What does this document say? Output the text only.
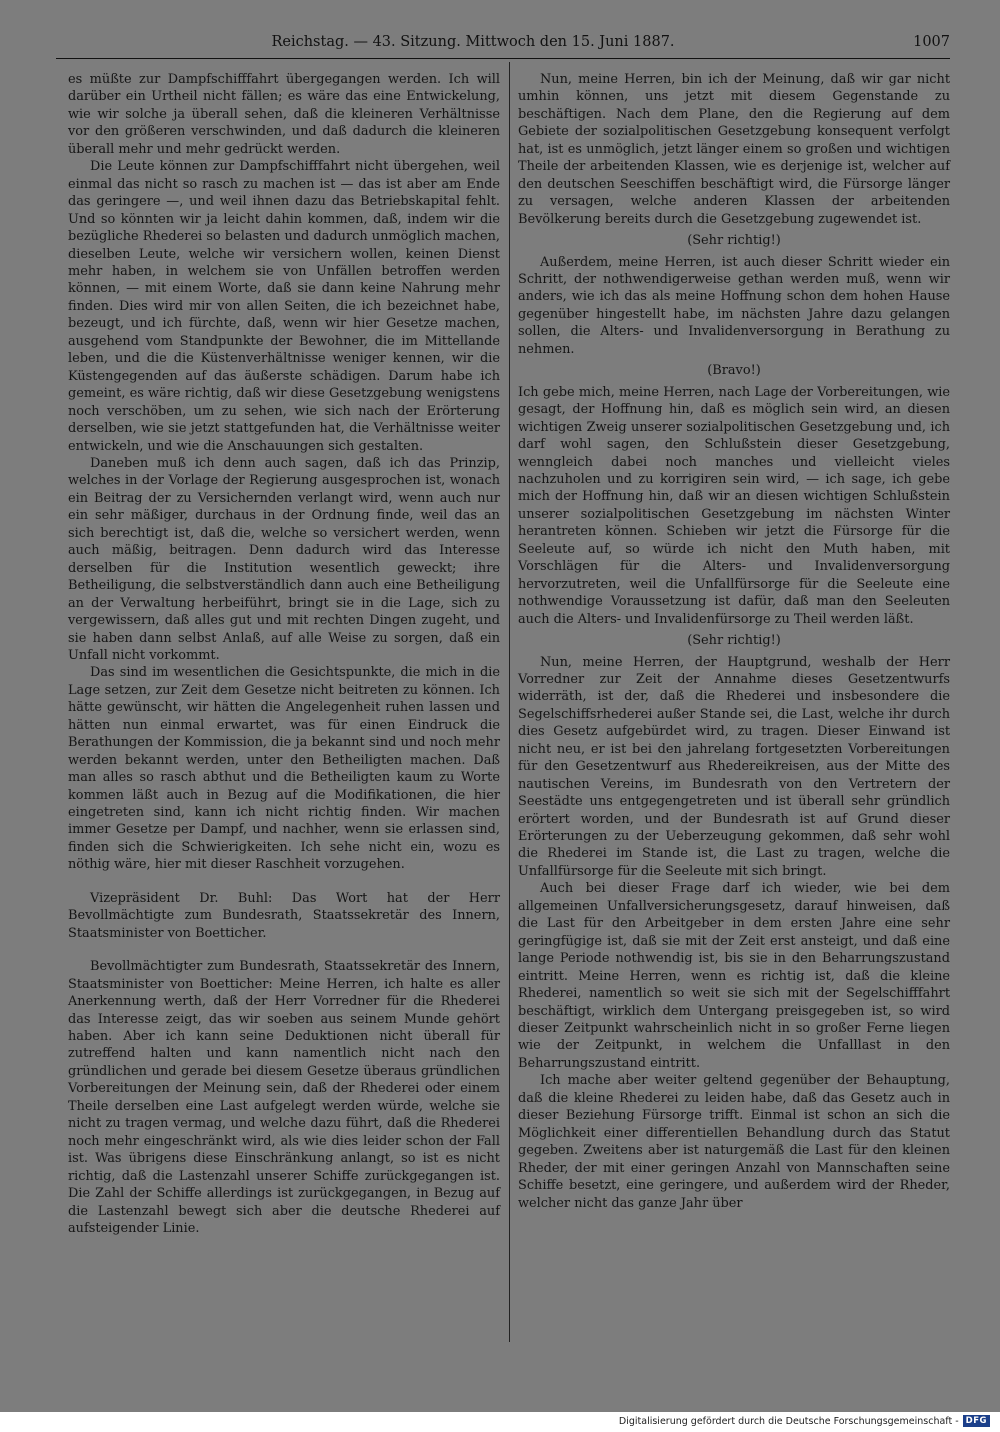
Reichstag. — 43. Sitzung. Mittwoch den 15. Juni 1887.	1007

es müßte zur Dampfschifffahrt übergegangen werden. Ich will darüber ein Urtheil nicht fällen; es wäre das eine Entwickelung, wie wir solche ja überall sehen, daß die kleineren Verhältnisse vor den größeren verschwinden, und daß dadurch die kleineren überall mehr und mehr gedrückt werden.

Die Leute können zur Dampfschifffahrt nicht übergehen, weil einmal das nicht so rasch zu machen ist — das ist aber am Ende das geringere —, und weil ihnen dazu das Betriebskapital fehlt. Und so könnten wir ja leicht dahin kommen, daß, indem wir die bezügliche Rhederei so belasten und dadurch unmöglich machen, dieselben Leute, welche wir versichern wollen, keinen Dienst mehr haben, in welchem sie von Unfällen betroffen werden können, — mit einem Worte, daß sie dann keine Nahrung mehr finden. Dies wird mir von allen Seiten, die ich bezeichnet habe, bezeugt, und ich fürchte, daß, wenn wir hier Gesetze machen, ausgehend vom Standpunkte der Bewohner, die im Mittellande leben, und die die Küstenverhältnisse weniger kennen, wir die Küstengegenden auf das äußerste schädigen. Darum habe ich gemeint, es wäre richtig, daß wir diese Gesetzgebung wenigstens noch verschöben, um zu sehen, wie sich nach der Erörterung derselben, wie sie jetzt stattgefunden hat, die Verhältnisse weiter entwickeln, und wie die Anschauungen sich gestalten.

Daneben muß ich denn auch sagen, daß ich das Prinzip, welches in der Vorlage der Regierung ausgesprochen ist, wonach ein Beitrag der zu Versichernden verlangt wird, wenn auch nur ein sehr mäßiger, durchaus in der Ordnung finde, weil das an sich berechtigt ist, daß die, welche so versichert werden, wenn auch mäßig, beitragen. Denn dadurch wird das Interesse derselben für die Institution wesentlich geweckt; ihre Betheiligung, die selbstverständlich dann auch eine Betheiligung an der Verwaltung herbeiführt, bringt sie in die Lage, sich zu vergewissern, daß alles gut und mit rechten Dingen zugeht, und sie haben dann selbst Anlaß, auf alle Weise zu sorgen, daß ein Unfall nicht vorkommt.

Das sind im wesentlichen die Gesichtspunkte, die mich in die Lage setzen, zur Zeit dem Gesetze nicht beitreten zu können. Ich hätte gewünscht, wir hätten die Angelegenheit ruhen lassen und hätten nun einmal erwartet, was für einen Eindruck die Berathungen der Kommission, die ja bekannt sind und noch mehr werden bekannt werden, unter den Betheiligten machen. Daß man alles so rasch abthut und die Betheiligten kaum zu Worte kommen läßt auch in Bezug auf die Modifikationen, die hier eingetreten sind, kann ich nicht richtig finden. Wir machen immer Gesetze per Dampf, und nachher, wenn sie erlassen sind, finden sich die Schwierigkeiten. Ich sehe nicht ein, wozu es nöthig wäre, hier mit dieser Raschheit vorzugehen.

Vizepräsident Dr. Buhl: Das Wort hat der Herr Bevollmächtigte zum Bundesrath, Staatssekretär des Innern, Staatsminister von Boetticher.

Bevollmächtigter zum Bundesrath, Staatssekretär des Innern, Staatsminister von Boetticher: Meine Herren, ich halte es aller Anerkennung werth, daß der Herr Vorredner für die Rhederei das Interesse zeigt, das wir soeben aus seinem Munde gehört haben. Aber ich kann seine Deduktionen nicht überall für zutreffend halten und kann namentlich nicht nach den gründlichen und gerade bei diesem Gesetze überaus gründlichen Vorbereitungen der Meinung sein, daß der Rhederei oder einem Theile derselben eine Last aufgelegt werden würde, welche sie nicht zu tragen vermag, und welche dazu führt, daß die Rhederei noch mehr eingeschränkt wird, als wie dies leider schon der Fall ist. Was übrigens diese Einschränkung anlangt, so ist es nicht richtig, daß die Lastenzahl unserer Schiffe zurückgegangen ist. Die Zahl der Schiffe allerdings ist zurückgegangen, in Bezug auf die Lastenzahl bewegt sich aber die deutsche Rhederei auf aufsteigender Linie.

Nun, meine Herren, bin ich der Meinung, daß wir gar nicht umhin können, uns jetzt mit diesem Gegenstande zu beschäftigen. Nach dem Plane, den die Regierung auf dem Gebiete der sozialpolitischen Gesetzgebung konsequent verfolgt hat, ist es unmöglich, jetzt länger einem so großen und wichtigen Theile der arbeitenden Klassen, wie es derjenige ist, welcher auf den deutschen Seeschiffen beschäftigt wird, die Fürsorge länger zu versagen, welche anderen Klassen der arbeitenden Bevölkerung bereits durch die Gesetzgebung zugewendet ist.

(Sehr richtig!)

Außerdem, meine Herren, ist auch dieser Schritt wieder ein Schritt, der nothwendigerweise gethan werden muß, wenn wir anders, wie ich das als meine Hoffnung schon dem hohen Hause gegenüber hingestellt habe, im nächsten Jahre dazu gelangen sollen, die Alters- und Invalidenversorgung in Berathung zu nehmen.

(Bravo!)

Ich gebe mich, meine Herren, nach Lage der Vorbereitungen, wie gesagt, der Hoffnung hin, daß es möglich sein wird, an diesen wichtigen Zweig unserer sozialpolitischen Gesetzgebung und, ich darf wohl sagen, den Schlußstein dieser Gesetzgebung, wenngleich dabei noch manches und vielleicht vieles nachzuholen und zu korrigiren sein wird, — ich sage, ich gebe mich der Hoffnung hin, daß wir an diesen wichtigen Schlußstein unserer sozialpolitischen Gesetzgebung im nächsten Winter herantreten können. Schieben wir jetzt die Fürsorge für die Seeleute auf, so würde ich nicht den Muth haben, mit Vorschlägen für die Alters- und Invalidenversorgung hervorzutreten, weil die Unfallfürsorge für die Seeleute eine nothwendige Voraussetzung ist dafür, daß man den Seeleuten auch die Alters- und Invalidenfürsorge zu Theil werden läßt.

(Sehr richtig!)

Nun, meine Herren, der Hauptgrund, weshalb der Herr Vorredner zur Zeit der Annahme dieses Gesetzentwurfs widerräth, ist der, daß die Rhederei und insbesondere die Segelschiffsrhederei außer Stande sei, die Last, welche ihr durch dies Gesetz aufgebürdet wird, zu tragen. Dieser Einwand ist nicht neu, er ist bei den jahrelang fortgesetzten Vorbereitungen für den Gesetzentwurf aus Rhedereikreisen, aus der Mitte des nautischen Vereins, im Bundesrath von den Vertretern der Seestädte uns entgegengetreten und ist überall sehr gründlich erörtert worden, und der Bundesrath ist auf Grund dieser Erörterungen zu der Ueberzeugung gekommen, daß sehr wohl die Rhederei im Stande ist, die Last zu tragen, welche die Unfallfürsorge für die Seeleute mit sich bringt.

Auch bei dieser Frage darf ich wieder, wie bei dem allgemeinen Unfallversicherungsgesetz, darauf hinweisen, daß die Last für den Arbeitgeber in dem ersten Jahre eine sehr geringfügige ist, daß sie mit der Zeit erst ansteigt, und daß eine lange Periode nothwendig ist, bis sie in den Beharrungszustand eintritt. Meine Herren, wenn es richtig ist, daß die kleine Rhederei, namentlich so weit sie sich mit der Segelschifffahrt beschäftigt, wirklich dem Untergang preisgegeben ist, so wird dieser Zeitpunkt wahrscheinlich nicht in so großer Ferne liegen wie der Zeitpunkt, in welchem die Unfalllast in den Beharrungszustand eintritt.

Ich mache aber weiter geltend gegenüber der Behauptung, daß die kleine Rhederei zu leiden habe, daß das Gesetz auch in dieser Beziehung Fürsorge trifft. Einmal ist schon an sich die Möglichkeit einer differentiellen Behandlung durch das Statut gegeben. Zweitens aber ist naturgemäß die Last für den kleinen Rheder, der mit einer geringen Anzahl von Mannschaften seine Schiffe besetzt, eine geringere, und außerdem wird der Rheder, welcher nicht das ganze Jahr über

Digitalisierung gefördert durch die Deutsche Forschungsgemeinschaft - DFG
